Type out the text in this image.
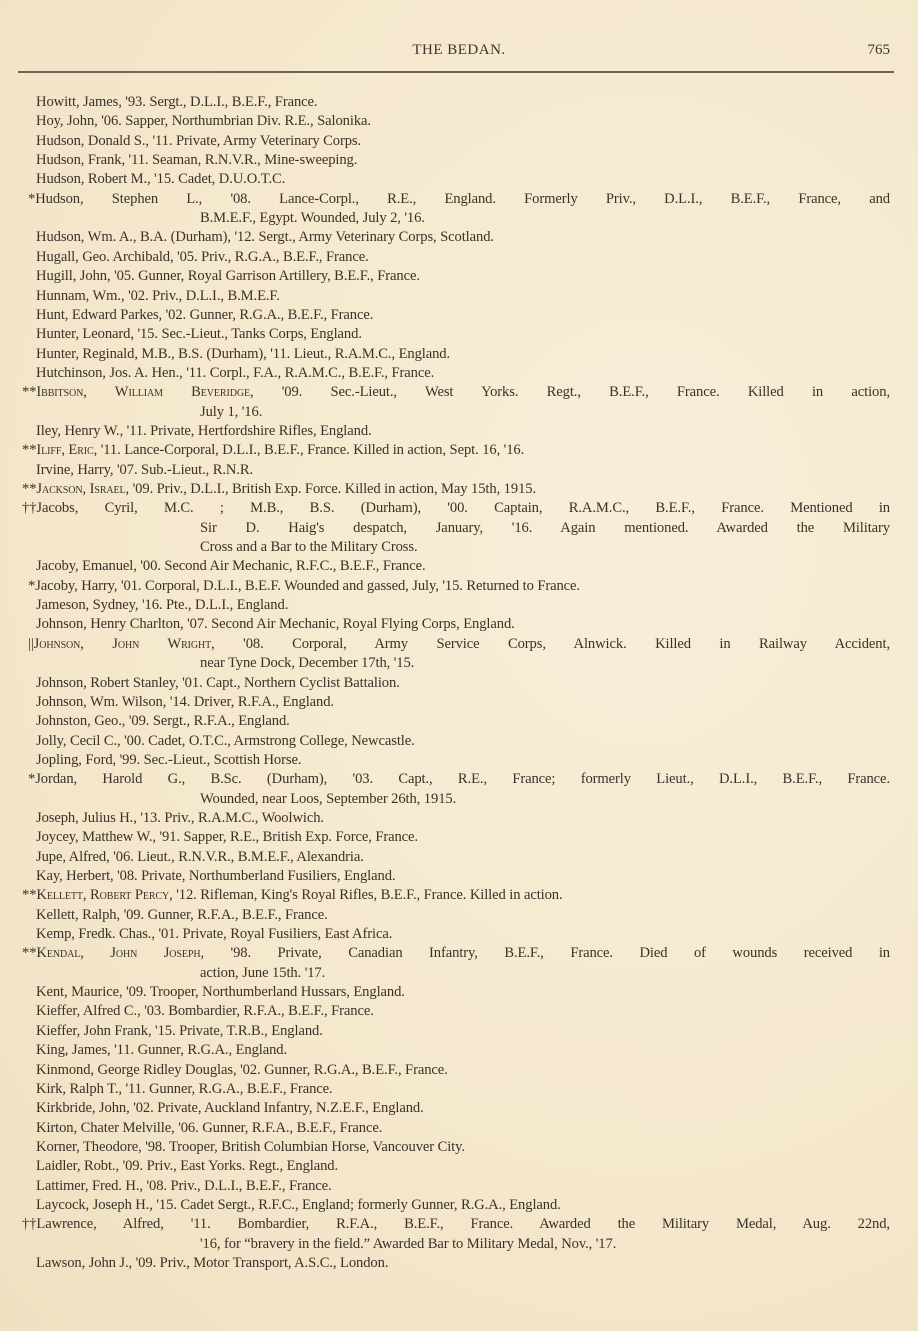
THE BEDAN.	765
Howitt, James, '93. Sergt., D.L.I., B.E.F., France.
Hoy, John, '06. Sapper, Northumbrian Div. R.E., Salonika.
Hudson, Donald S., '11. Private, Army Veterinary Corps.
Hudson, Frank, '11. Seaman, R.N.V.R., Mine-sweeping.
Hudson, Robert M., '15. Cadet, D.U.O.T.C.
*Hudson, Stephen L., '08. Lance-Corpl., R.E., England. Formerly Priv., D.L.I., B.E.F., France, and
B.M.E.F., Egypt. Wounded, July 2, '16.
Hudson, Wm. A., B.A. (Durham), '12. Sergt., Army Veterinary Corps, Scotland.
Hugall, Geo. Archibald, '05. Priv., R.G.A., B.E.F., France.
Hugill, John, '05. Gunner, Royal Garrison Artillery, B.E.F., France.
Hunnam, Wm., '02. Priv., D.L.I., B.M.E.F.
Hunt, Edward Parkes, '02. Gunner, R.G.A., B.E.F., France.
Hunter, Leonard, '15. Sec.-Lieut., Tanks Corps, England.
Hunter, Reginald, M.B., B.S. (Durham), '11. Lieut., R.A.M.C., England.
Hutchinson, Jos. A. Hen., '11. Corpl., F.A., R.A.M.C., B.E.F., France.
**Ibbitson, William Beveridge, '09. Sec.-Lieut., West Yorks. Regt., B.E.F., France. Killed in action,
July 1, '16.
Iley, Henry W., '11. Private, Hertfordshire Rifles, England.
**Iliff, Eric, '11. Lance-Corporal, D.L.I., B.E.F., France. Killed in action, Sept. 16, '16.
Irvine, Harry, '07. Sub.-Lieut., R.N.R.
**Jackson, Israel, '09. Priv., D.L.I., British Exp. Force. Killed in action, May 15th, 1915.
††Jacobs, Cyril, M.C. ; M.B., B.S. (Durham), '00. Captain, R.A.M.C., B.E.F., France. Mentioned in
Sir D. Haig's despatch, January, '16. Again mentioned. Awarded the Military
Cross and a Bar to the Military Cross.
Jacoby, Emanuel, '00. Second Air Mechanic, R.F.C., B.E.F., France.
*Jacoby, Harry, '01. Corporal, D.L.I., B.E.F. Wounded and gassed, July, '15. Returned to France.
Jameson, Sydney, '16. Pte., D.L.I., England.
Johnson, Henry Charlton, '07. Second Air Mechanic, Royal Flying Corps, England.
||Johnson, John Wright, '08. Corporal, Army Service Corps, Alnwick. Killed in Railway Accident,
near Tyne Dock, December 17th, '15.
Johnson, Robert Stanley, '01. Capt., Northern Cyclist Battalion.
Johnson, Wm. Wilson, '14. Driver, R.F.A., England.
Johnston, Geo., '09. Sergt., R.F.A., England.
Jolly, Cecil C., '00. Cadet, O.T.C., Armstrong College, Newcastle.
Jopling, Ford, '99. Sec.-Lieut., Scottish Horse.
*Jordan, Harold G., B.Sc. (Durham), '03. Capt., R.E., France; formerly Lieut., D.L.I., B.E.F., France.
Wounded, near Loos, September 26th, 1915.
Joseph, Julius H., '13. Priv., R.A.M.C., Woolwich.
Joycey, Matthew W., '91. Sapper, R.E., British Exp. Force, France.
Jupe, Alfred, '06. Lieut., R.N.V.R., B.M.E.F., Alexandria.
Kay, Herbert, '08. Private, Northumberland Fusiliers, England.
**Kellett, Robert Percy, '12. Rifleman, King's Royal Rifles, B.E.F., France. Killed in action.
Kellett, Ralph, '09. Gunner, R.F.A., B.E.F., France.
Kemp, Fredk. Chas., '01. Private, Royal Fusiliers, East Africa.
**Kendal, John Joseph, '98. Private, Canadian Infantry, B.E.F., France. Died of wounds received in
action, June 15th. '17.
Kent, Maurice, '09. Trooper, Northumberland Hussars, England.
Kieffer, Alfred C., '03. Bombardier, R.F.A., B.E.F., France.
Kieffer, John Frank, '15. Private, T.R.B., England.
King, James, '11. Gunner, R.G.A., England.
Kinmond, George Ridley Douglas, '02. Gunner, R.G.A., B.E.F., France.
Kirk, Ralph T., '11. Gunner, R.G.A., B.E.F., France.
Kirkbride, John, '02. Private, Auckland Infantry, N.Z.E.F., England.
Kirton, Chater Melville, '06. Gunner, R.F.A., B.E.F., France.
Korner, Theodore, '98. Trooper, British Columbian Horse, Vancouver City.
Laidler, Robt., '09. Priv., East Yorks. Regt., England.
Lattimer, Fred. H., '08. Priv., D.L.I., B.E.F., France.
Laycock, Joseph H., '15. Cadet Sergt., R.F.C., England; formerly Gunner, R.G.A., England.
††Lawrence, Alfred, '11. Bombardier, R.F.A., B.E.F., France. Awarded the Military Medal, Aug. 22nd,
'16, for “bravery in the field.” Awarded Bar to Military Medal, Nov., '17.
Lawson, John J., '09. Priv., Motor Transport, A.S.C., London.
